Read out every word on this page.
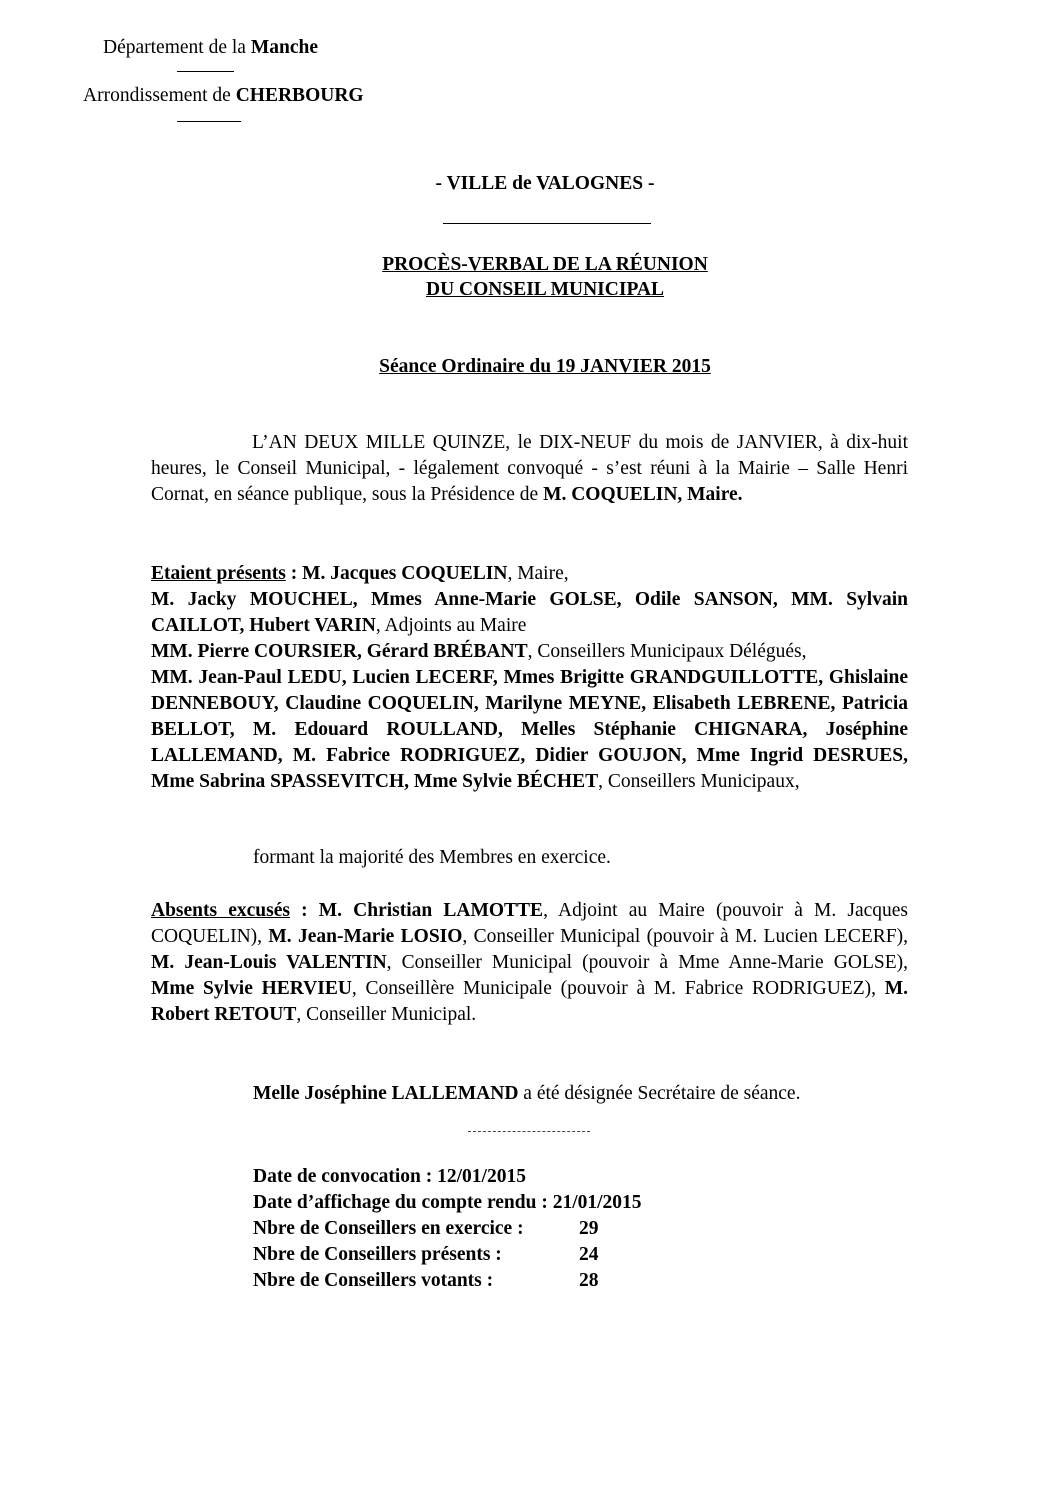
Département de la Manche
Arrondissement de CHERBOURG
- VILLE de VALOGNES -
PROCÈS-VERBAL DE LA RÉUNION
DU CONSEIL MUNICIPAL
Séance Ordinaire du 19 JANVIER 2015
L’AN DEUX MILLE QUINZE, le DIX-NEUF du mois de JANVIER, à dix-huit heures, le Conseil Municipal, - légalement convoqué - s’est réuni à la Mairie – Salle Henri Cornat, en séance publique, sous la Présidence de M. COQUELIN, Maire.

Etaient présents : M. Jacques COQUELIN, Maire,

M. Jacky MOUCHEL, Mmes Anne-Marie GOLSE, Odile SANSON, MM. Sylvain CAILLOT, Hubert VARIN, Adjoints au Maire

MM. Pierre COURSIER, Gérard BRÉBANT, Conseillers Municipaux Délégués,

MM. Jean-Paul LEDU, Lucien LECERF, Mmes Brigitte GRANDGUILLOTTE, Ghislaine DENNEBOUY, Claudine COQUELIN, Marilyne MEYNE, Elisabeth LEBRENE, Patricia BELLOT, M. Edouard ROULLAND, Melles Stéphanie CHIGNARA, Joséphine LALLEMAND, M. Fabrice RODRIGUEZ, Didier GOUJON, Mme Ingrid DESRUES, Mme Sabrina SPASSEVITCH, Mme Sylvie BÉCHET, Conseillers Municipaux,

formant la majorité des Membres en exercice.
Absents excusés : M. Christian LAMOTTE, Adjoint au Maire (pouvoir à M. Jacques COQUELIN), M. Jean-Marie LOSIO, Conseiller Municipal (pouvoir à M. Lucien LECERF), M. Jean-Louis VALENTIN, Conseiller Municipal (pouvoir à Mme Anne-Marie GOLSE), Mme Sylvie HERVIEU, Conseillère Municipale (pouvoir à M. Fabrice RODRIGUEZ), M. Robert RETOUT, Conseiller Municipal.
Melle Joséphine LALLEMAND a été désignée Secrétaire de séance.
Date de convocation : 12/01/2015
Date d’affichage du compte rendu : 21/01/2015
Nbre de Conseillers en exercice :	29
Nbre de Conseillers présents :	24
Nbre de Conseillers votants :	28
